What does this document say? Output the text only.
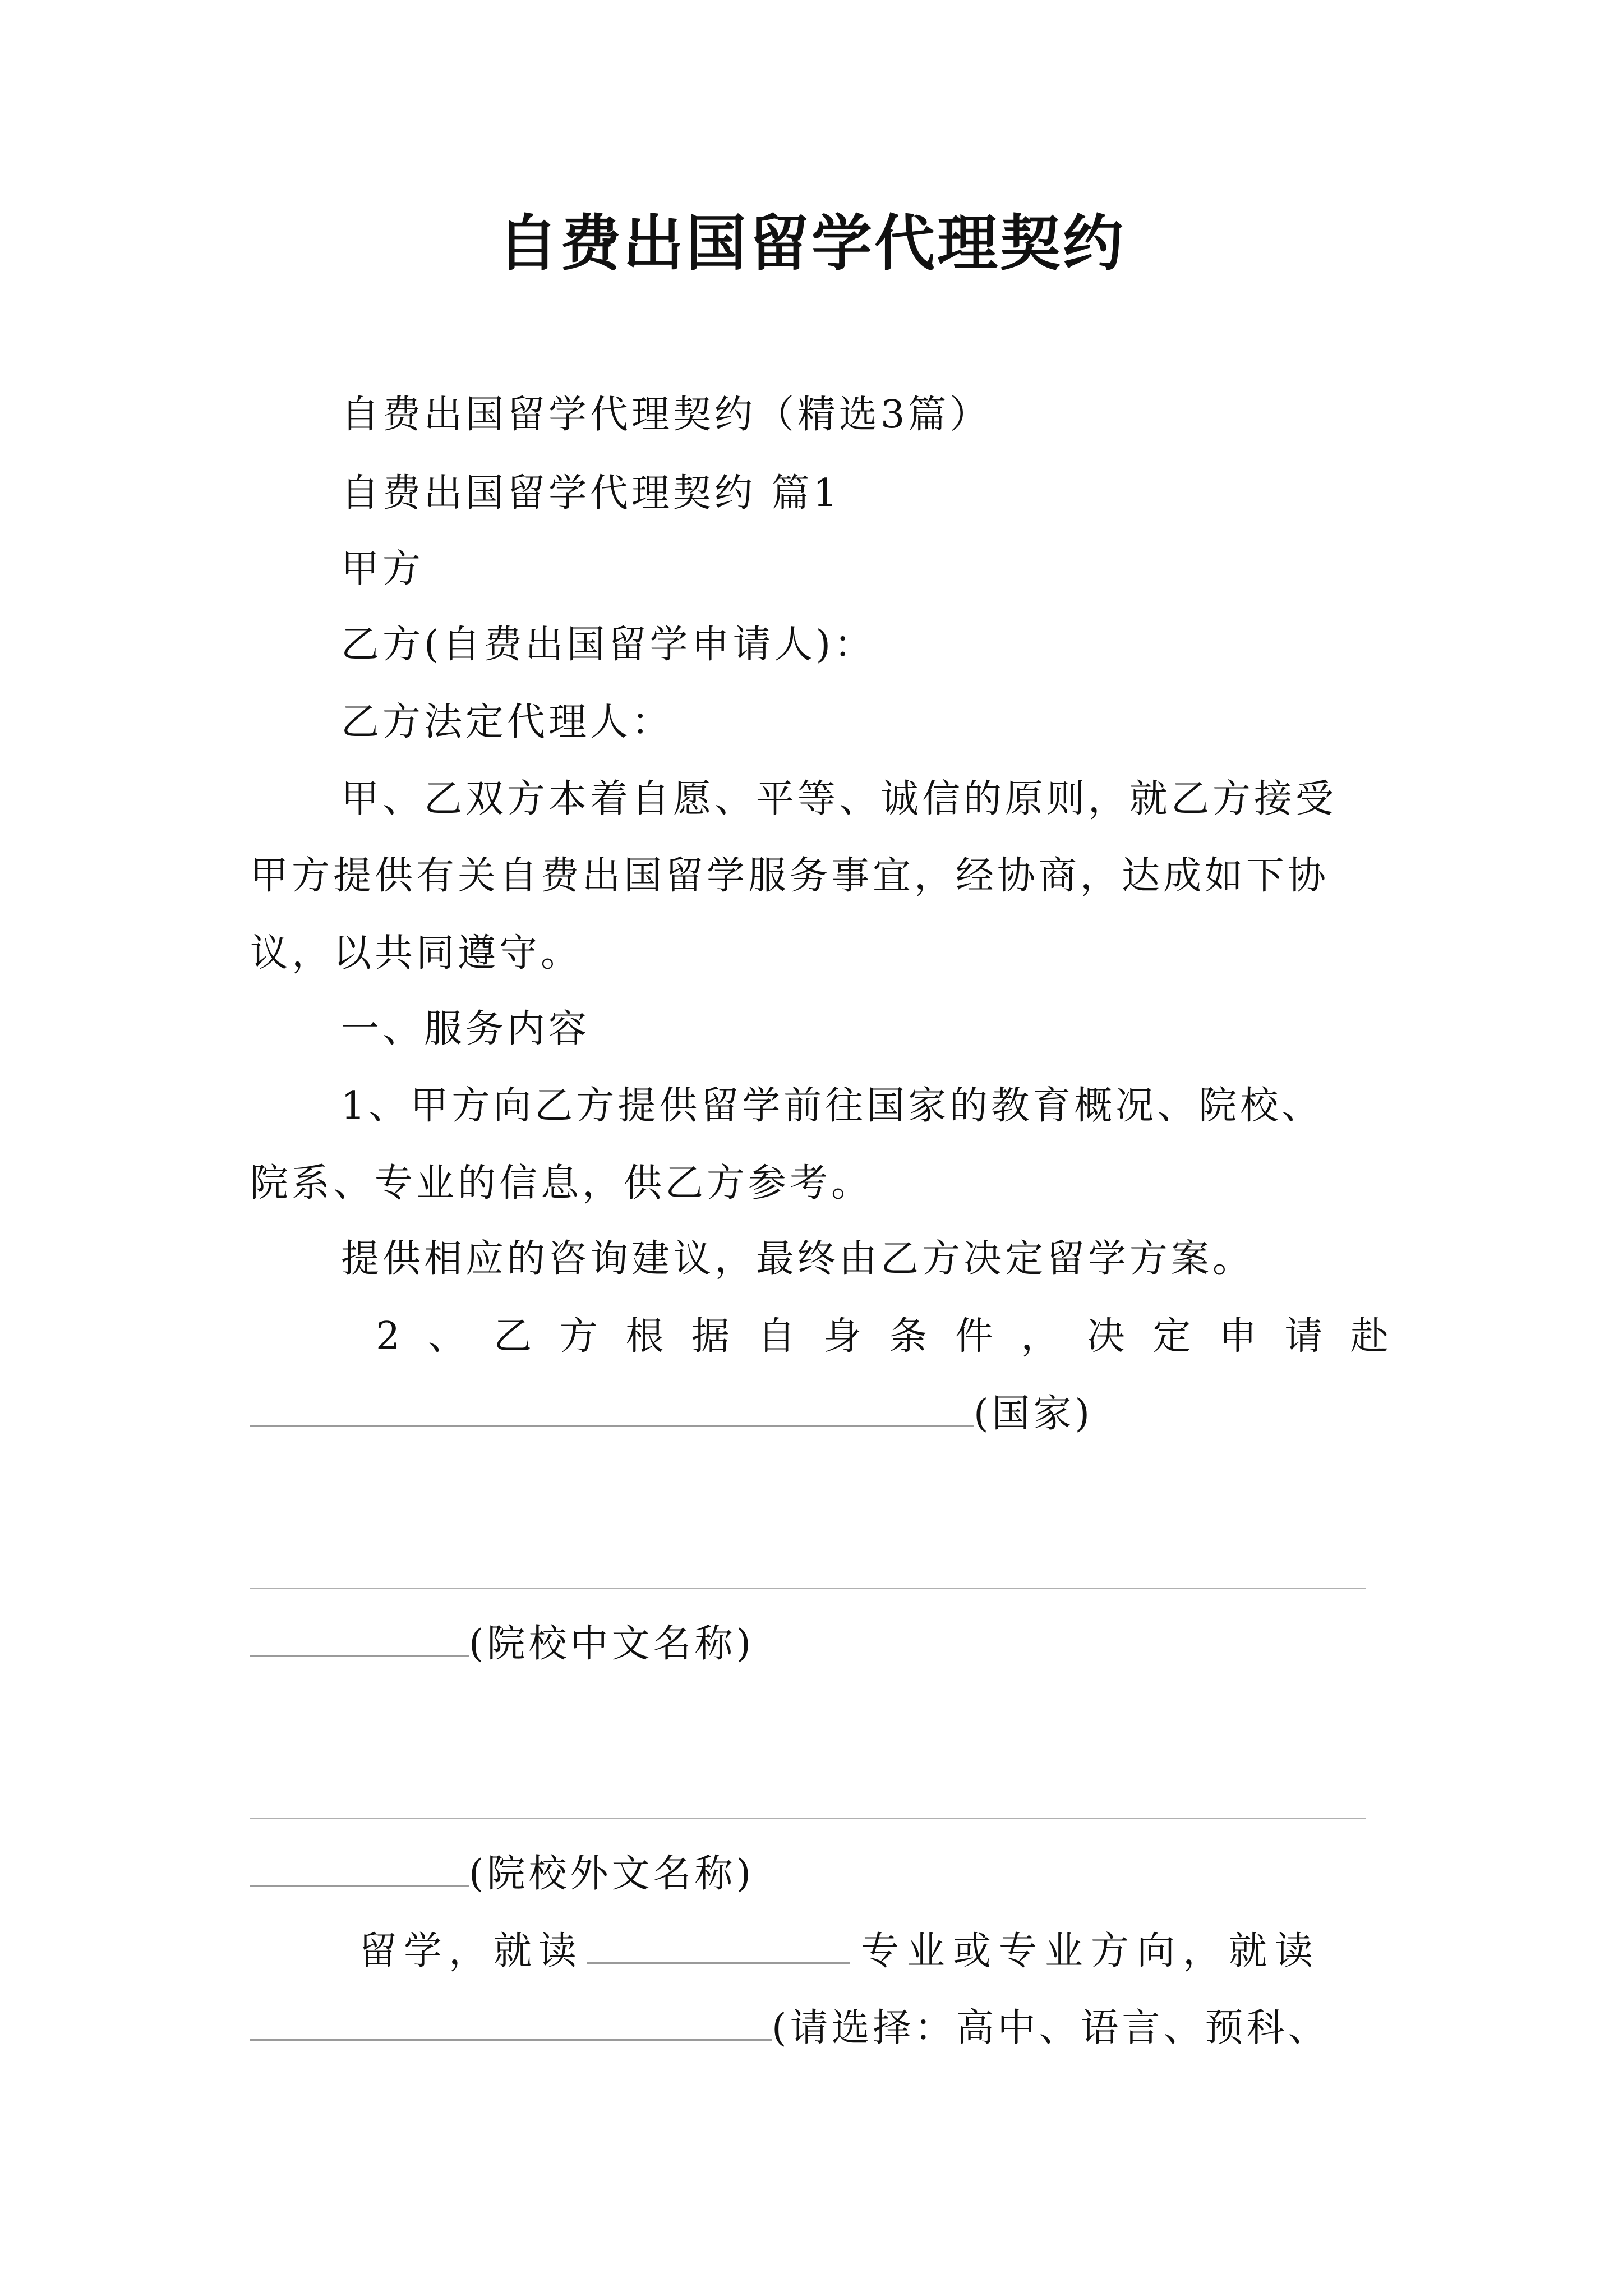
自费出国留学代理契约
自费出国留学代理契约（精选3篇）
自费出国留学代理契约 篇1
甲方
乙方(自费出国留学申请人)：
乙方法定代理人：
甲、乙双方本着自愿、平等、诚信的原则，就乙方接受
甲方提供有关自费出国留学服务事宜，经协商，达成如下协
议，以共同遵守。
一、服务内容
1、甲方向乙方提供留学前往国家的教育概况、院校、
院系、专业的信息，供乙方参考。
提供相应的咨询建议，最终由乙方决定留学方案。
2 、 乙 方 根 据 自 身 条 件 ， 决 定 申 请 赴
(国家)
(院校中文名称)
(院校外文名称)
留 学 ， 就 读	专 业 或 专 业 方 向 ， 就 读
(请选择：高中、语言、预科、
